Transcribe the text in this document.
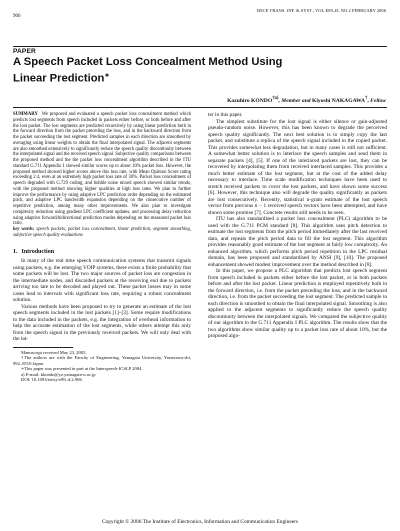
906
IEICE TRANS. INF. & SYST., VOL.E89–D, NO.2 FEBRUARY 2006
PAPER
A Speech Packet Loss Concealment Method Using Linear Prediction∗
Kazuhiro KONDO$^{\dagger a)}$, Member and Kiyoshi NAKAGAWA†, Fellow

SUMMARY We proposed and evaluated a speech packet loss concealment method which predicts lost segments from speech included in packets either before, or both before and after the lost packet. The lost segments are predicted recursively by using linear prediction both in the forward direction from the packet preceding the loss, and in the backward direction from the packet succeeding the lost segment. Predicted samples in each direction are smoothed by averaging using linear weights to obtain the final interpolated signal. The adjacent segments are also smoothed extensively to significantly reduce the speech quality discontinuity between the interpolated signal and the received speech signal. Subjective quality comparisons between the proposed method and the the packet loss concealment algorithm described in the ITU standard G.711 Appendix I showed similar scores up to about 10% packet loss. However, the proposed method showed higher scores above this loss rate, with Mean Opinion Score rating exceeding 2.4, even at an extremely high packet loss rate of 30%. Packet loss concealment of speech degraded with G.729 coding, and bubble noise mixed speech showed similar trends, with the proposed method showing higher qualities at high loss rates. We plan to further improve the performance by using adaptive LPC prediction order depending on the estimated pitch, and adaptive LPC bandwidth expansion depending on the consecutive number of repetitive prediction, among many other improvements. We also plan to investigate complexity reduction using gradient LPC coefficient updates, and processing delay reduction using adaptive forward/bidirectional prediction modes depending on the measured packet loss ratio.

key words: speech packets, packet loss concealment, linear prediction, segment smoothing, subjective speech quality evaluations

1. Introduction

In many of the real time speech communication systems that transmit signals using packets, e.g. the emerging VOIP systems, there exists a finite probability that some packets will be lost. The two major sources of packet loss are congestion in the intermediate nodes, and discarded packets at the receiving end due to packets arriving too late to be decoded and played out. These packet losses may in some cases lead to intervals with significant loss rate, requiring a robust concealment solution.

Various methods have been proposed to try to generate an estimate of the lost speech segments included in the lost packets [1]–[3]. Some require modifications to the data included in the packets, e.g. the integration of overhead information to help the accurate estimation of the lost segments, while others attempt this only from the speech signal in the previously received packets. We will only deal with the lat-

Manuscript received May 23, 2005.

†The authors are with the Faculty of Engineering, Yamagata University, Yonezawa-shi, 992–8510 Japan.

∗This paper was presented in part at the Interspeech-ICSLP 2004.

a) E-mail: kkondo@yz.yamagata-u.ac.jp

DOI: 10.1093/ietisy/e89–d.2.906

ter in this paper.

The simplest substitute for the lost signal is either silence or gain-adjusted pseudo-random noise. However, this has been known to degrade the perceived speech quality significantly. The next best solution is to simply copy the last packet, and substitute a replica of the speech signal included in the copied packet. This provides somewhat less degradation, but in many cases is still not sufficient. A somewhat better solution is to interlace the speech samples and send them in separate packets [4], [5]. If one of the interlaced packets are lost, they can be recovered by interpolating them from received interlaced samples. This provides a much better estimate of the lost segment, but at the cost of the added delay necessary to interlace. Time scale modification techniques have been used to stretch received packets to cover the lost packets, and have shown some success [6]. However, this technique also will degrade the quality significantly as packets are lost consecutively. Recently, statistical n-gram estimate of the lost speech vector from previous n − 1 received speech vectors have been attempted, and have shown some promise [7]. Concrete results still needs to be seen.

ITU has also standardised a packet loss concealment (PLC) algorithm to be used with the G.711 PCM standard [8]. This algorithm uses pitch detection to estimate the lost segments from the pitch period immediately after the last received data, and repeats the pitch period data to fill the lost segment. This algorithm provides reasonably good estimate of the lost segment at fairly low complexity. An enhanced algorithm, which performs pitch period repetition in the LPC residual domain, has been proposed and standardised by ANSI [9], [10]. The proposed enhancement showed modest improvement over the method described in [8].

In this paper, we propose a PLC algorithm that predicts lost speech segment from speech included in packets either before the lost packet, or in both packets before and after the lost packet. Linear prediction is employed repetitively both in the forward direction, i.e. from the packet preceding the loss, and in the backward direction, i.e. from the packet succeeding the lost segment. The predicted sample in each direction is smoothed to obtain the final interpolated signal. Smoothing is also applied to the adjacent segments to significantly reduce the speech quality discontinuity between the interpolated signals. We compared the subjective quality of our algorithm to the G.711 Appendix I PLC algorithm. The results show that the two algorithms show similar quality up to a packet loss rate of about 10%, but the proposed algo-

Copyright © 2006 The Institute of Electronics, Information and Communication Engineers
